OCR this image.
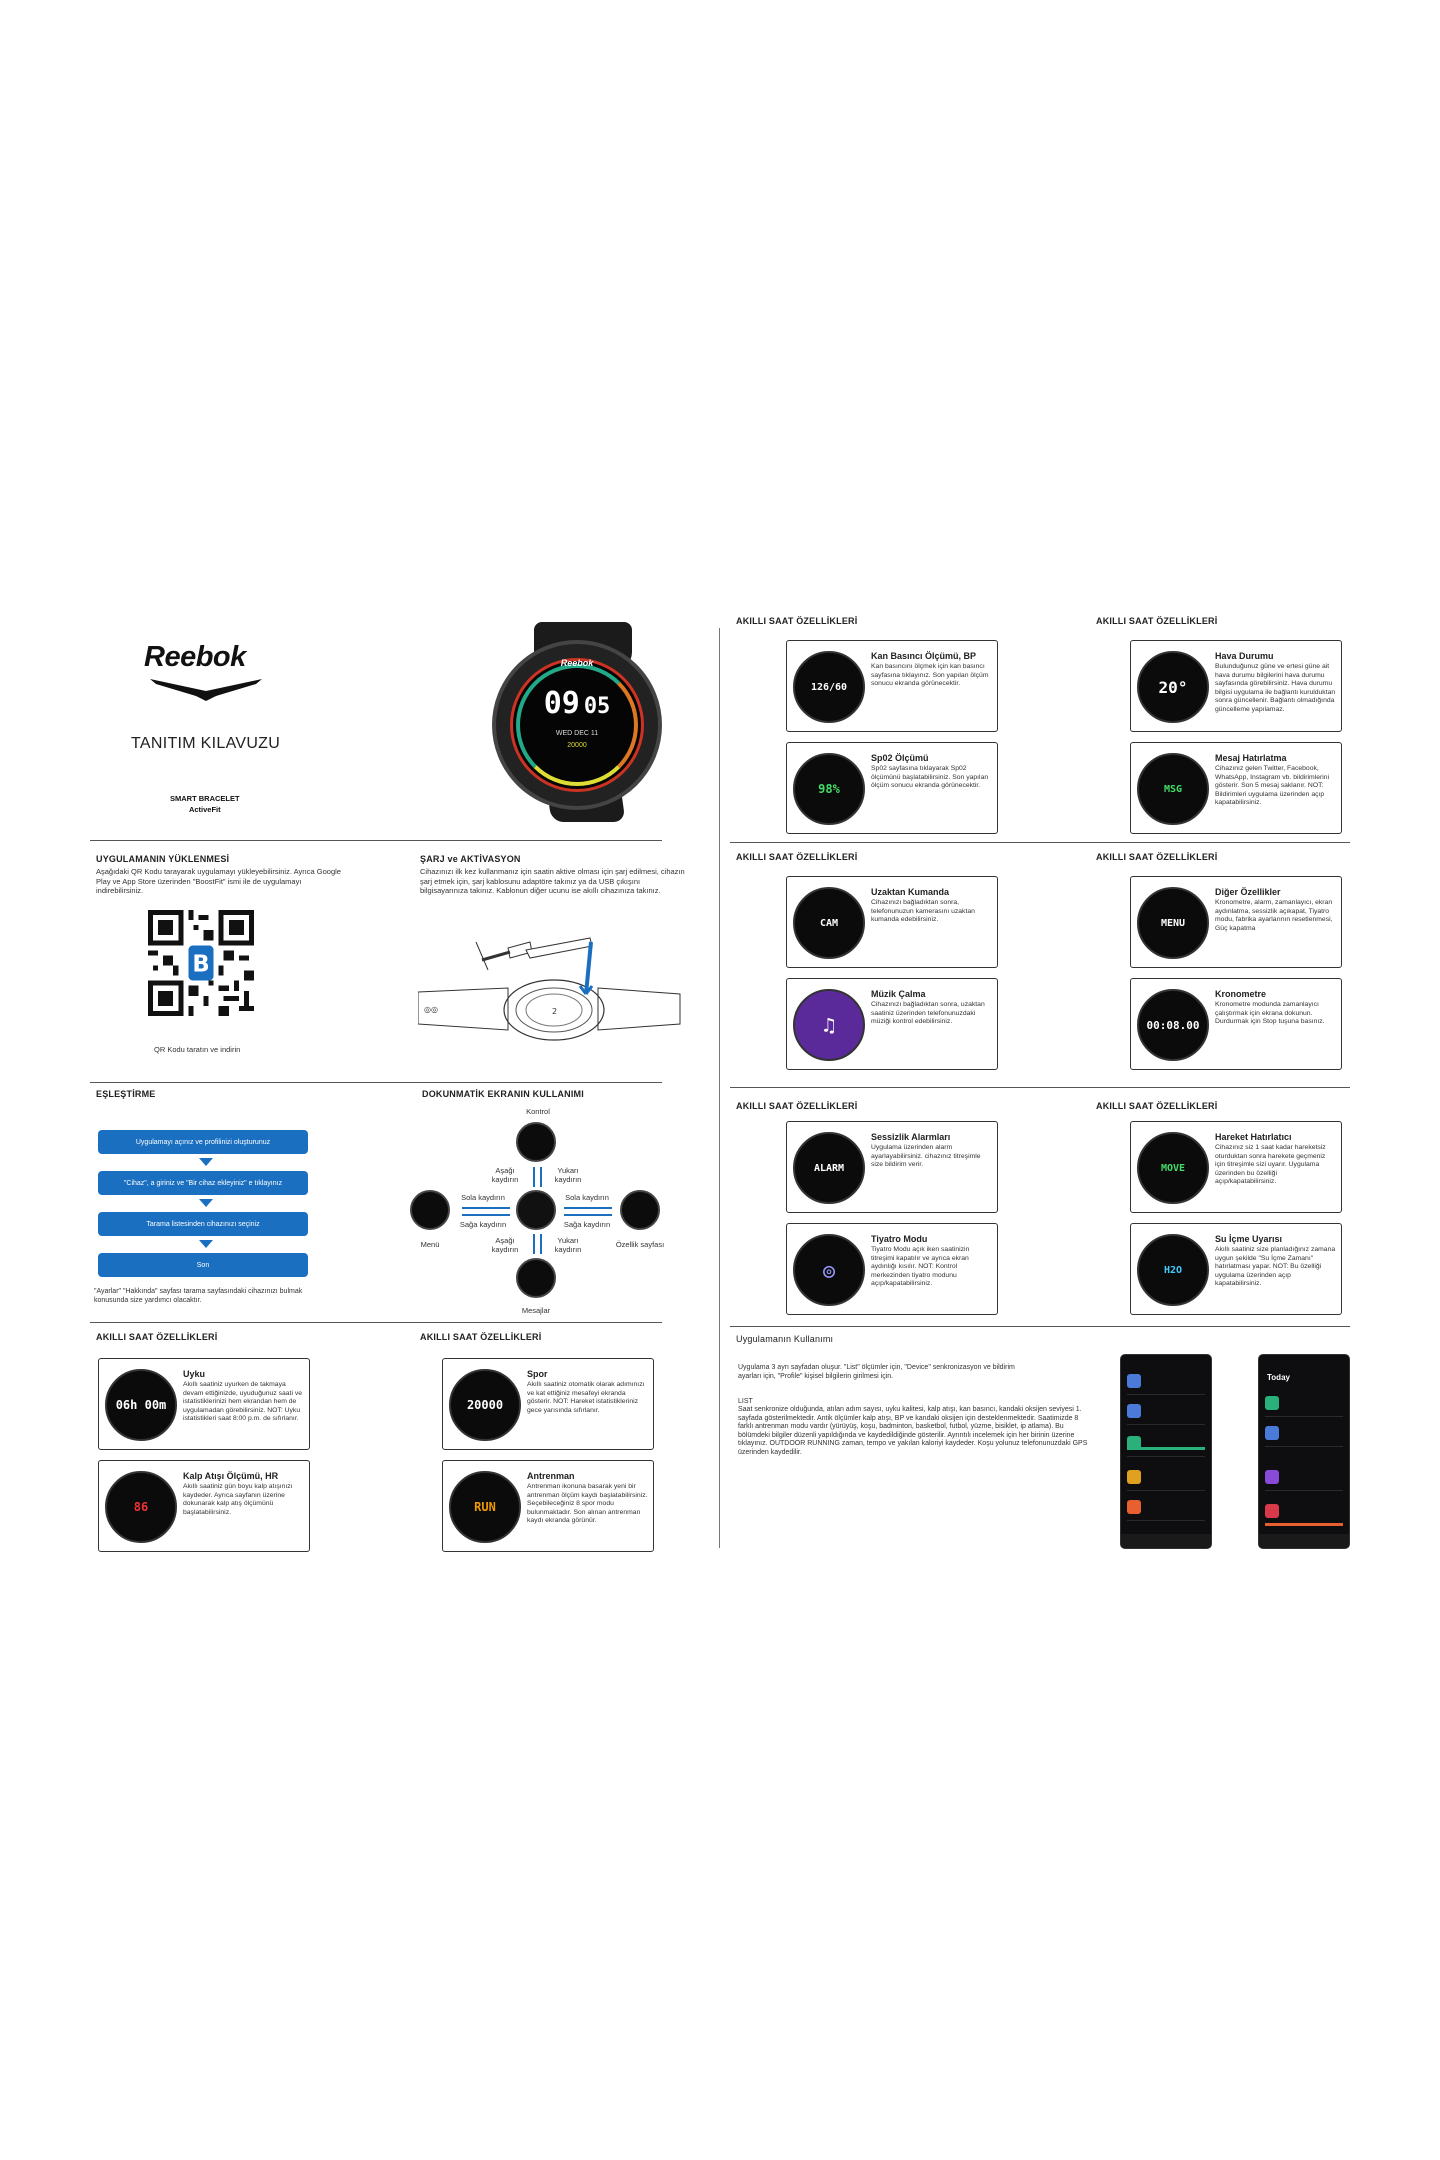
Reebok
TANITIM KILAVUZU
SMART BRACELET
ActiveFit
Reebok
09 05
WED DEC 11
20000
UYGULAMANIN YÜKLENMESİ
Aşağıdaki QR Kodu tarayarak uygulamayı yükleyebilirsiniz. Ayrıca Google Play ve App Store üzerinden "BoostFit" ismi ile de uygulamayı indirebilirsiniz.
B
QR Kodu taratın ve indirin
ŞARJ ve AKTİVASYON
Cihazınızı ilk kez kullanmanız için saatin aktive olması için şarj edilmesi, cihazın şarj etmek için, şarj kablosunu adaptöre takınız ya da USB çıkışını bilgisayarınıza takınız. Kablonun diğer ucunu ise akıllı cihazınıza takınız.
2
◎◎
EŞLEŞTİRME
Uygulamayı açınız ve profilinizi oluşturunuz
"Cihaz", a giriniz ve "Bir cihaz ekleyiniz" e tıklayınız
Tarama listesinden cihazınızı seçiniz
Son
"Ayarlar" "Hakkında" sayfası tarama sayfasındaki cihazınızı bulmak konusunda size yardımcı olacaktır.
DOKUNMATİK EKRANIN KULLANIMI
Kontrol
Aşağı kaydırın
Yukarı kaydırın
Menü
Sola kaydırın
Sağa kaydırın
Sola kaydırın
Sağa kaydırın
Özellik sayfası
Aşağı kaydırın
Yukarı kaydırın
Mesajlar
AKILLI SAAT ÖZELLİKLERİ	AKILLI SAAT ÖZELLİKLERİ
06h 00m
Uyku
Akıllı saatiniz uyurken de takmaya devam ettiğinizde, uyuduğunuz saati ve istatistiklerinizi hem ekrandan hem de uygulamadan görebilirsiniz. NOT: Uyku istatistikleri saat 8:00 p.m. de sıfırlanır.
20000
Spor
Akıllı saatiniz otomatik olarak adımınızı ve kat ettiğiniz mesafeyi ekranda gösterir. NOT: Hareket istatistikleriniz gece yarısında sıfırlanır.
86
Kalp Atışı Ölçümü, HR
Akıllı saatiniz gün boyu kalp atışınızı kaydeder. Ayrıca sayfanın üzerine dokunarak kalp atış ölçümünü başlatabilirsiniz.	RUN
Antrenman
Antrenman ikonuna basarak yeni bir antrenman ölçüm kaydı başlatabilirsiniz. Seçebileceğiniz 8 spor modu bulunmaktadır. Son alınan antrenman kaydı ekranda görünür.
AKILLI SAAT ÖZELLİKLERİ	AKILLI SAAT ÖZELLİKLERİ
126/60
Kan Basıncı Ölçümü, BP
Kan basıncını ölçmek için kan basıncı sayfasına tıklayınız. Son yapılan ölçüm sonucu ekranda görünecektir.	20°
Hava Durumu
Bulunduğunuz güne ve ertesi güne ait hava durumu bilgilerini hava durumu sayfasında görebilirsiniz. Hava durumu bilgisi uygulama ile bağlantı kurulduktan sonra güncellenir. Bağlantı olmadığında güncelleme yapılamaz.
98%
Sp02 Ölçümü
Sp02 sayfasına tıklayarak Sp02 ölçümünü başlatabilirsiniz. Son yapılan ölçüm sonucu ekranda görünecektir.	MSG
Mesaj Hatırlatma
Cihazınız gelen Twitter, Facebook, WhatsApp, Instagram vb. bildirimlerini gösterir. Son 5 mesaj saklanır. NOT: Bildirimleri uygulama üzerinden açıp kapatabilirsiniz.
AKILLI SAAT ÖZELLİKLERİ	AKILLI SAAT ÖZELLİKLERİ
CAM
Uzaktan Kumanda
Cihazınızı bağladıktan sonra, telefonunuzun kamerasını uzaktan kumanda edebilirsiniz.	MENU
Diğer Özellikler
Kronometre, alarm, zamanlayıcı, ekran aydınlatma, sessizlik açıkapat, Tiyatro modu, fabrika ayarlarının resetlenmesi, Güç kapatma
♫
Müzik Çalma
Cihazınızı bağladıktan sonra, uzaktan saatiniz üzerinden telefonunuzdaki müziği kontrol edebilirsiniz.	00:08.00
Kronometre
Kronometre modunda zamanlayıcı çalıştırmak için ekrana dokunun. Durdurmak için Stop tuşuna basınız.
AKILLI SAAT ÖZELLİKLERİ	AKILLI SAAT ÖZELLİKLERİ
ALARM
Sessizlik Alarmları
Uygulama üzerinden alarm ayarlayabilirsiniz. cihazınız titreşimle size bildirim verir.	MOVE
Hareket Hatırlatıcı
Cihazınız siz 1 saat kadar hareketsiz oturduktan sonra harekete geçmeniz için titreşimle sizi uyarır. Uygulama üzerinden bu özelliği açıp/kapatabilirsiniz.
◎
Tiyatro Modu
Tiyatro Modu açık iken saatinizin titreşimi kapatılır ve ayrıca ekran aydınlığı kısılır. NOT: Kontrol merkezinden tiyatro modunu açıp/kapatabilirsiniz.
H2O
Su İçme Uyarısı
Akıllı saatiniz size planladığınız zamana uygun şekilde "Su İçme Zamanı" hatırlatması yapar. NOT: Bu özelliği uygulama üzerinden açıp kapatabilirsiniz.
Uygulamanın Kullanımı
Uygulama 3 ayrı sayfadan oluşur. "List" ölçümler için, "Device" senkronizasyon ve bildirim ayarları için, "Profile" kişisel bilgilerin girilmesi için.
LIST
Saat senkronize olduğunda, atılan adım sayısı, uyku kalitesi, kalp atışı, kan basıncı, kandaki oksijen seviyesi 1. sayfada gösterilmektedir. Antik ölçümler kalp atışı, BP ve kandaki oksijen için desteklenmektedir. Saatimizde 8 farklı antrenman modu vardır (yürüyüş, koşu, badminton, basketbol, futbol, yüzme, bisiklet, ip atlama). Bu bölümdeki bilgiler düzenli yapıldığında ve kaydedildiğinde gösterilir. Ayrıntılı incelemek için her birinin üzerine tıklayınız. OUTDOOR RUNNING zaman, tempo ve yakılan kaloriyi kaydeder. Koşu yolunuz telefonunuzdaki GPS üzerinden kaydedilir.
Today
